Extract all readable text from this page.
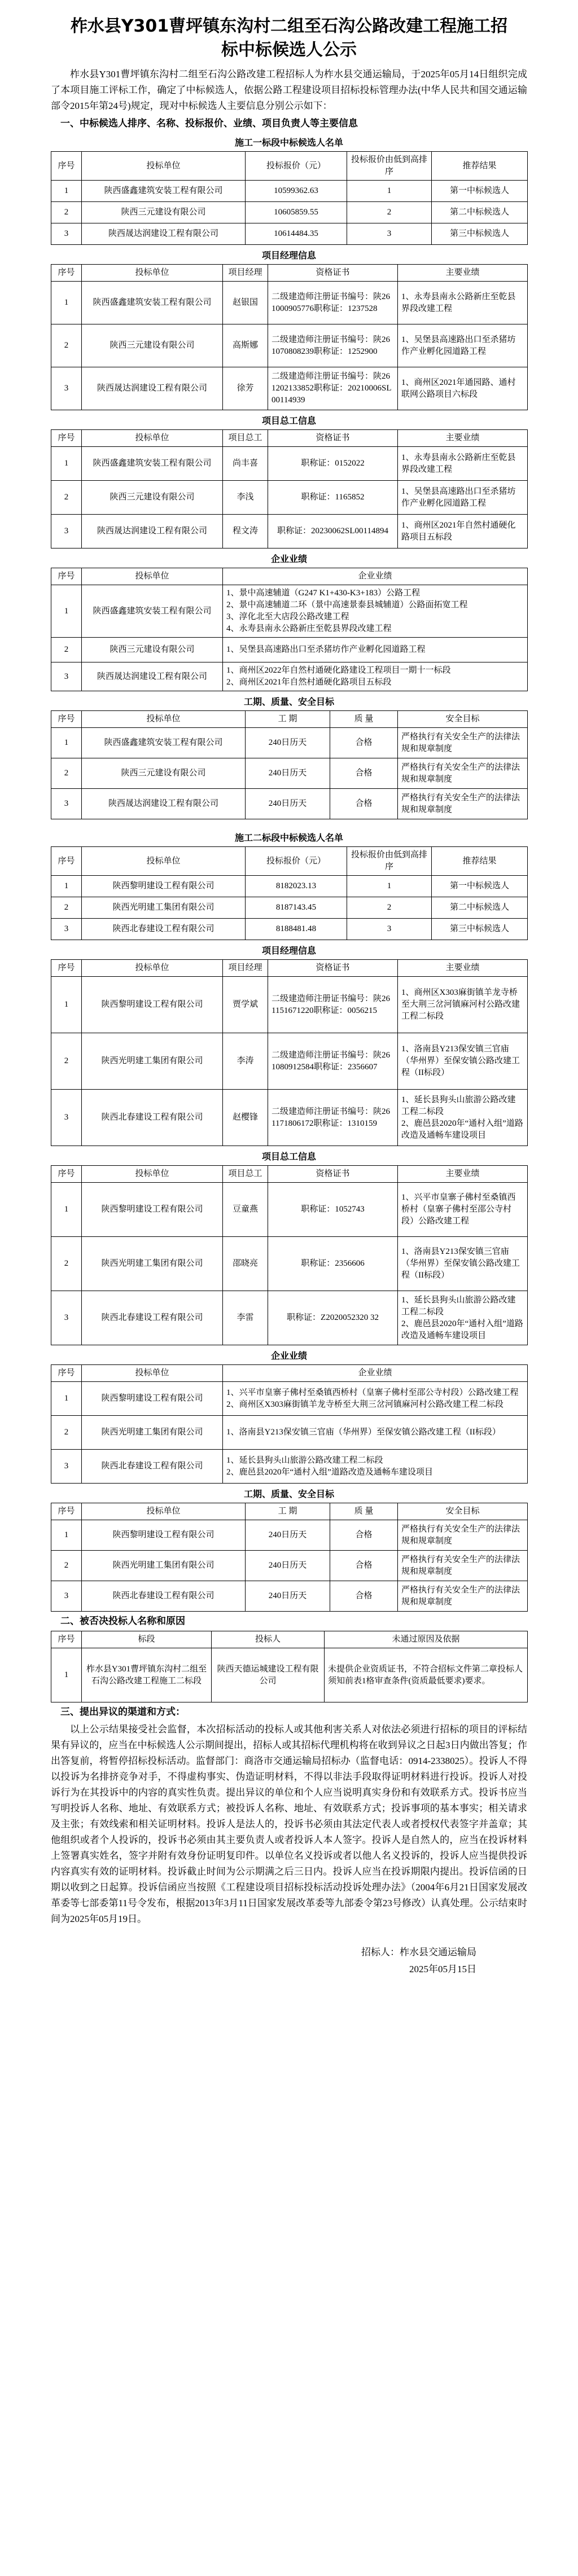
柞水县Y301曹坪镇东沟村二组至石沟公路改建工程施工招标中标候选人公示

柞水县Y301曹坪镇东沟村二组至石沟公路改建工程招标人为柞水县交通运输局，于2025年05月14日组织完成了本项目施工评标工作，确定了中标候选人，依据公路工程建设项目招标投标管理办法(中华人民共和国交通运输部令2015年第24号)规定，现对中标候选人主要信息分别公示如下：

一、中标候选人排序、名称、投标报价、业绩、项目负责人等主要信息
施工一标段中标候选人名单
序号	投标单位	投标报价（元）	投标报价由低到高排序	推荐结果
1	陕西盛鑫建筑安装工程有限公司	10599362.63	1	第一中标候选人
2	陕西三元建设有限公司	10605859.55	2	第二中标候选人
3	陕西晟达润建设工程有限公司	10614484.35	3	第三中标候选人
项目经理信息
序号	投标单位	项目经理	资格证书	主要业绩
1	陕西盛鑫建筑安装工程有限公司	赵银国	二级建造师注册证书编号：陕261000905776职称证：1237528	1、永寿县南永公路新庄至乾县界段改建工程
2	陕西三元建设有限公司	高斯娜	二级建造师注册证书编号：陕261070808239职称证：1252900	1、吴堡县高速路出口至杀猪坊作产业孵化园道路工程
3	陕西晟达润建设工程有限公司	徐芳	二级建造师注册证书编号：陕261202133852职称证：20210006SL00114939	1、商州区2021年通园路、通村联网公路项目六标段
项目总工信息
序号	投标单位	项目总工	资格证书	主要业绩
1	陕西盛鑫建筑安装工程有限公司	尚丰喜	职称证：0152022	1、永寿县南永公路新庄至乾县界段改建工程
2	陕西三元建设有限公司	李浅	职称证：1165852	1、吴堡县高速路出口至杀猪坊作产业孵化园道路工程
3	陕西晟达润建设工程有限公司	程文涛	职称证：20230062SL00114894	1、商州区2021年自然村通硬化路项目五标段
企业业绩
序号	投标单位	企业业绩
1	陕西盛鑫建筑安装工程有限公司	1、景中高速辅道（G247 K1+430-K3+183）公路工程
2、景中高速辅道二环（景中高速景泰县城辅道）公路面拓宽工程
3、淳化北至大店段公路改建工程
4、永寿县南永公路新庄至乾县界段改建工程
2	陕西三元建设有限公司	1、吴堡县高速路出口至杀猪坊作产业孵化园道路工程
3	陕西晟达润建设工程有限公司	1、商州区2022年自然村通硬化路建设工程项目一期十一标段
2、商州区2021年自然村通硬化路项目五标段
工期、质量、安全目标
序号	投标单位	工 期	质 量	安全目标
1	陕西盛鑫建筑安装工程有限公司	240日历天	合格	严格执行有关安全生产的法律法规和规章制度
2	陕西三元建设有限公司	240日历天	合格	严格执行有关安全生产的法律法规和规章制度
3	陕西晟达润建设工程有限公司	240日历天	合格	严格执行有关安全生产的法律法规和规章制度
施工二标段中标候选人名单
序号	投标单位	投标报价（元）	投标报价由低到高排序	推荐结果
1	陕西黎明建设工程有限公司	8182023.13	1	第一中标候选人
2	陕西光明建工集团有限公司	8187143.45	2	第二中标候选人
3	陕西北春建设工程有限公司	8188481.48	3	第三中标候选人
项目经理信息
序号	投标单位	项目经理	资格证书	主要业绩
1	陕西黎明建设工程有限公司	贾学斌	二级建造师注册证书编号：陕261151671220职称证：0056215	1、商州区X303麻街镇羊龙寺桥至大荆三岔河镇麻河村公路改建工程二标段
2	陕西光明建工集团有限公司	李涛	二级建造师注册证书编号：陕261080912584职称证：2356607	1、洛南县Y213保安镇三官庙（华州界）至保安镇公路改建工程（II标段）
3	陕西北春建设工程有限公司	赵樱锋	二级建造师注册证书编号：陕261171806172职称证：1310159	1、延长县狗头山旅游公路改建工程二标段
2、鹿邑县2020年“通村入组”道路改造及通畅车建设项目
项目总工信息
序号	投标单位	项目总工	资格证书	主要业绩
1	陕西黎明建设工程有限公司	豆童燕	职称证：1052743	1、兴平市皇寨子佛村至桑镇西桥村（皇寨子佛村至邵公寺村段）公路改建工程
2	陕西光明建工集团有限公司	邵晓亮	职称证：2356606	1、洛南县Y213保安镇三官庙（华州界）至保安镇公路改建工程（II标段）
3	陕西北春建设工程有限公司	李雷	职称证：Z2020052320 32	1、延长县狗头山旅游公路改建工程二标段
2、鹿邑县2020年“通村入组”道路改造及通畅车建设项目
企业业绩
序号	投标单位	企业业绩
1	陕西黎明建设工程有限公司	1、兴平市皇寨子佛村至桑镇西桥村（皇寨子佛村至邵公寺村段）公路改建工程
2、商州区X303麻街镇羊龙寺桥至大荆三岔河镇麻河村公路改建工程二标段
2	陕西光明建工集团有限公司	1、洛南县Y213保安镇三官庙（华州界）至保安镇公路改建工程（II标段）
3	陕西北春建设工程有限公司	1、延长县狗头山旅游公路改建工程二标段
2、鹿邑县2020年“通村入组”道路改造及通畅车建设项目
工期、质量、安全目标
序号	投标单位	工 期	质 量	安全目标
1	陕西黎明建设工程有限公司	240日历天	合格	严格执行有关安全生产的法律法规和规章制度
2	陕西光明建工集团有限公司	240日历天	合格	严格执行有关安全生产的法律法规和规章制度
3	陕西北春建设工程有限公司	240日历天	合格	严格执行有关安全生产的法律法规和规章制度
二、被否决投标人名称和原因
序号	标段	投标人	未通过原因及依据
1	柞水县Y301曹坪镇东沟村二组至石沟公路改建工程施工二标段	陕西天德运城建设工程有限公司	未提供企业资质证书，不符合招标文件第二章投标人须知前表1格审查条件(资质最低要求)要求。
三、提出异议的渠道和方式：

以上公示结果接受社会监督，本次招标活动的投标人或其他利害关系人对依法必须进行招标的项目的评标结果有异议的，应当在中标候选人公示期间提出，招标人或其招标代理机构将在收到异议之日起3日内做出答复；作出答复前，将暂停招标投标活动。监督部门：商洛市交通运输局招标办（监督电话：0914-2338025）。投诉人不得以投诉为名排挤竞争对手，不得虚构事实、伪造证明材料，不得以非法手段取得证明材料进行投诉。投诉人对投诉行为在其投诉中的内容的真实性负责。提出异议的单位和个人应当说明真实身份和有效联系方式。投诉书应当写明投诉人名称、地址、有效联系方式；被投诉人名称、地址、有效联系方式；投诉事项的基本事实；相关请求及主张；有效线索和相关证明材料。投诉人是法人的，投诉书必须由其法定代表人或者授权代表签字并盖章；其他组织或者个人投诉的，投诉书必须由其主要负责人或者投诉人本人签字。投诉人是自然人的，应当在投诉材料上签署真实姓名，签字并附有效身份证明复印件。以单位名义投诉或者以他人名义投诉的，投诉人应当提供投诉内容真实有效的证明材料。投诉截止时间为公示期满之后三日内。投诉人应当在投诉期限内提出。投诉信函的日期以收到之日起算。投诉信函应当按照《工程建设项目招标投标活动投诉处理办法》（2004年6月21日国家发展改革委等七部委第11号令发布，根据2013年3月11日国家发展改革委等九部委令第23号修改）认真处理。公示结束时间为2025年05月19日。

招标人：柞水县交通运输局
2025年05月15日
